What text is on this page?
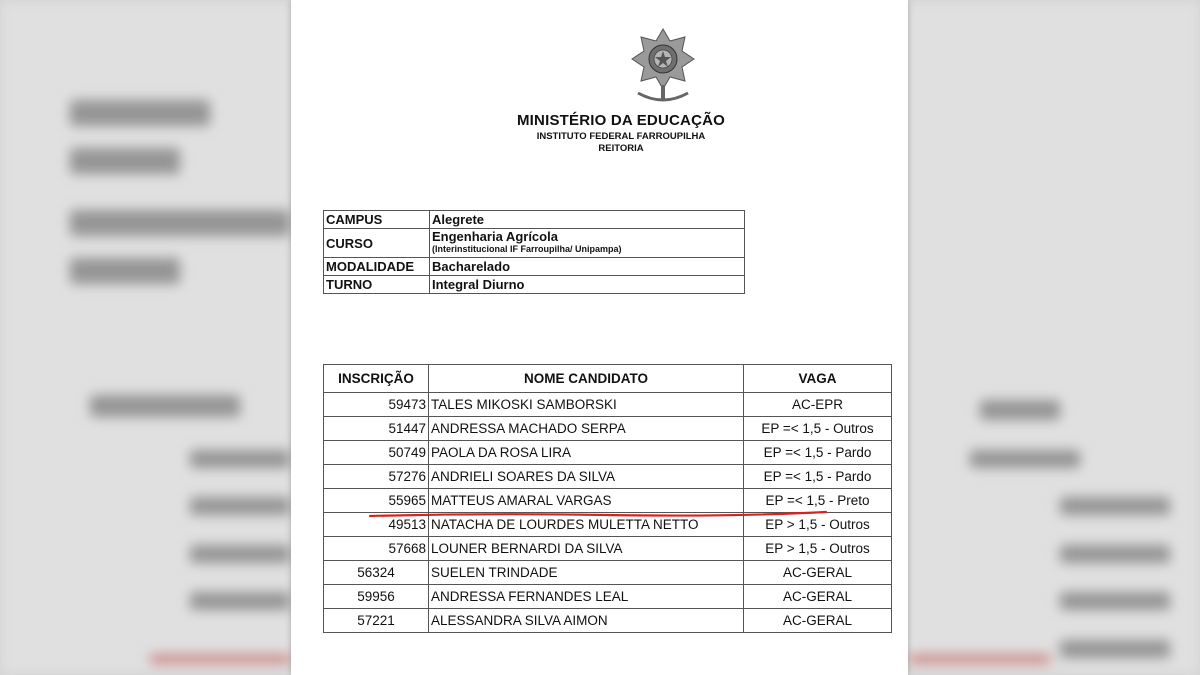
MINISTÉRIO DA EDUCAÇÃO
INSTITUTO FEDERAL FARROUPILHA
REITORIA
CAMPUS	Alegrete
CURSO	Engenharia Agrícola
(Interinstitucional IF Farroupilha/ Unipampa)

MODALIDADE	Bacharelado
TURNO	Integral Diurno
INSCRIÇÃO	NOME CANDIDATO	VAGA
59473	TALES MIKOSKI SAMBORSKI	AC-EPR
51447	ANDRESSA MACHADO SERPA	EP =< 1,5 - Outros
50749	PAOLA DA ROSA LIRA	EP =< 1,5 - Pardo
57276	ANDRIELI SOARES DA SILVA	EP =< 1,5 - Pardo
55965	MATTEUS AMARAL VARGAS	EP =< 1,5 - Preto
49513	NATACHA DE LOURDES MULETTA NETTO	EP > 1,5 - Outros
57668	LOUNER BERNARDI DA SILVA	EP > 1,5 - Outros
56324	SUELEN TRINDADE	AC-GERAL
59956	ANDRESSA FERNANDES LEAL	AC-GERAL
57221	ALESSANDRA SILVA AIMON	AC-GERAL
